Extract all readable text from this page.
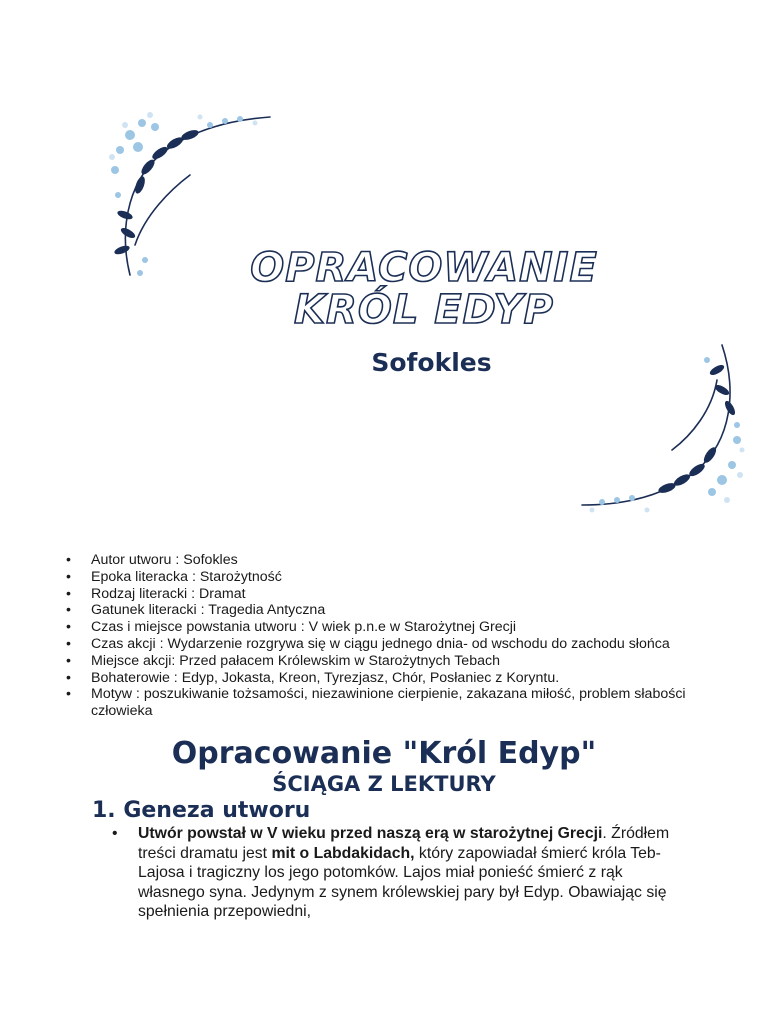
OPRACOWANIE
KRÓL EDYP
Sofokles
• Autor utworu : Sofokles
• Epoka literacka : Starożytność
• Rodzaj literacki : Dramat
• Gatunek literacki : Tragedia Antyczna
• Czas i miejsce powstania utworu : V wiek p.n.e w Starożytnej Grecji
• Czas akcji : Wydarzenie rozgrywa się w ciągu jednego dnia- od wschodu do zachodu słońca
• Miejsce akcji: Przed pałacem Królewskim w Starożytnych Tebach
• Bohaterowie : Edyp, Jokasta, Kreon, Tyrezjasz, Chór, Posłaniec z Koryntu.
• Motyw : poszukiwanie tożsamości, niezawinione cierpienie, zakazana miłość, problem słabości człowieka
Opracowanie "Król Edyp"
ŚCIĄGA Z LEKTURY
1. Geneza utworu
• Utwór powstał w V wieku przed naszą erą w starożytnej Grecji. Źródłem treści dramatu jest mit o Labdakidach, który zapowiadał śmierć króla Teb- Lajosa i tragiczny los jego potomków. Lajos miał ponieść śmierć z rąk własnego syna. Jedynym z synem królewskiej pary był Edyp. Obawiając się spełnienia przepowiedni,
